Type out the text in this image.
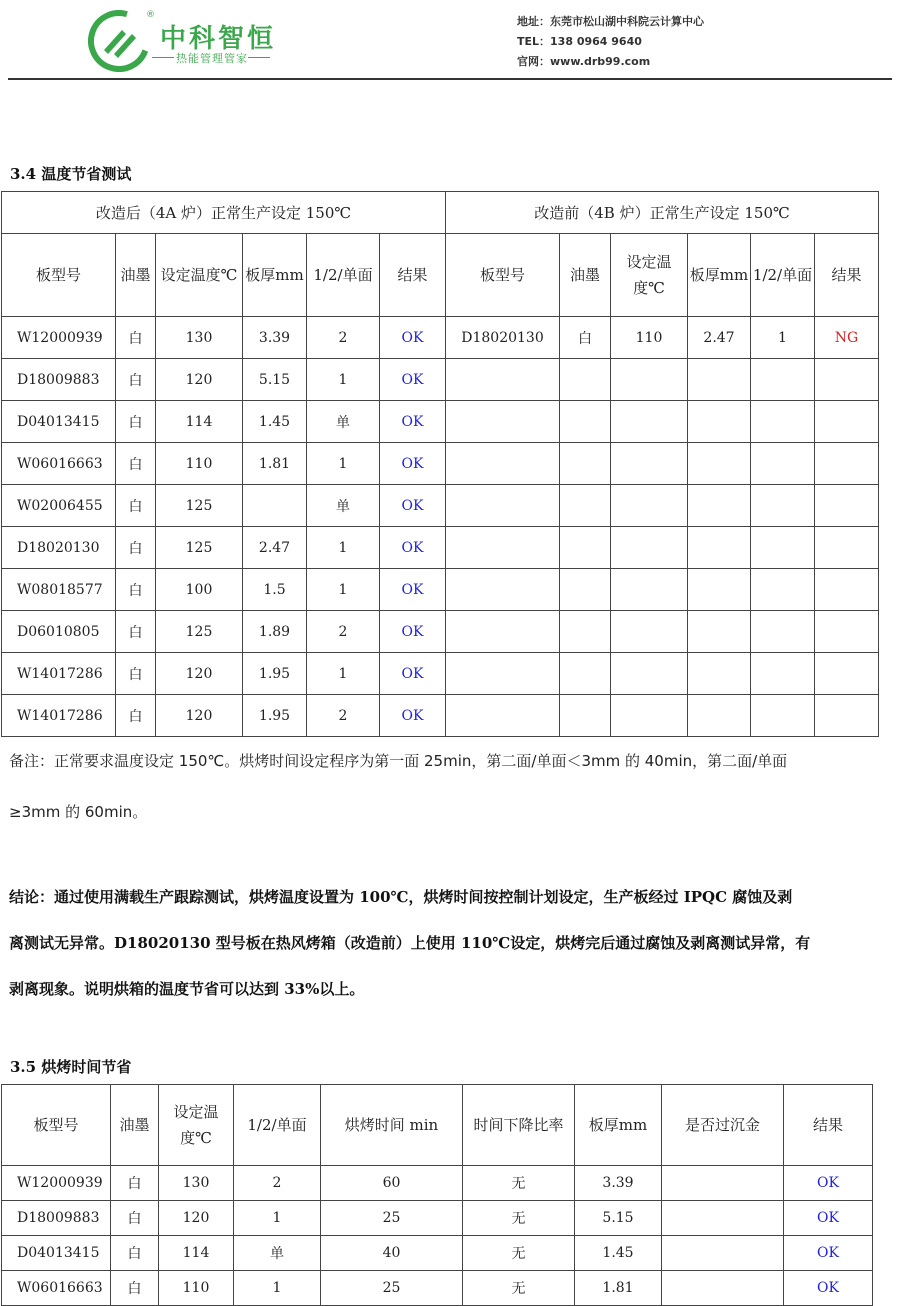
®
中科智恒
热能管理管家
地址：东莞市松山湖中科院云计算中心
TEL：138 0964 9640
官网：www.drb99.com
3.4 温度节省测试
改造后（4A 炉）正常生产设定 150℃						改造前（4B 炉）正常生产设定 150℃					
板型号	油墨	设定温度℃	板厚mm	1/2/单面	结果	板型号	油墨	设定温度℃	板厚mm	1/2/单面	结果
W12000939	白	130	3.39	2	OK	D18020130	白	110	2.47	1	NG
D18009883	白	120	5.15	1	OK						
D04013415	白	114	1.45	单	OK						
W06016663	白	110	1.81	1	OK						
W02006455	白	125		单	OK						
D18020130	白	125	2.47	1	OK						
W08018577	白	100	1.5	1	OK						
D06010805	白	125	1.89	2	OK						
W14017286	白	120	1.95	1	OK						
W14017286	白	120	1.95	2	OK						
备注：正常要求温度设定 150℃。烘烤时间设定程序为第一面 25min，第二面/单面＜3mm 的 40min，第二面/单面
≥3mm 的 60min。
结论：通过使用满载生产跟踪测试，烘烤温度设置为 100℃，烘烤时间按控制计划设定，生产板经过 IPQC 腐蚀及剥
离测试无异常。D18020130 型号板在热风烤箱（改造前）上使用 110℃设定，烘烤完后通过腐蚀及剥离测试异常，有
剥离现象。说明烘箱的温度节省可以达到 33%以上。
3.5 烘烤时间节省
板型号	油墨	设定温度℃	1/2/单面	烘烤时间 min	时间下降比率	板厚mm	是否过沉金	结果
W12000939	白	130	2	60	无	3.39		OK
D18009883	白	120	1	25	无	5.15		OK
D04013415	白	114	单	40	无	1.45		OK
W06016663	白	110	1	25	无	1.81		OK
